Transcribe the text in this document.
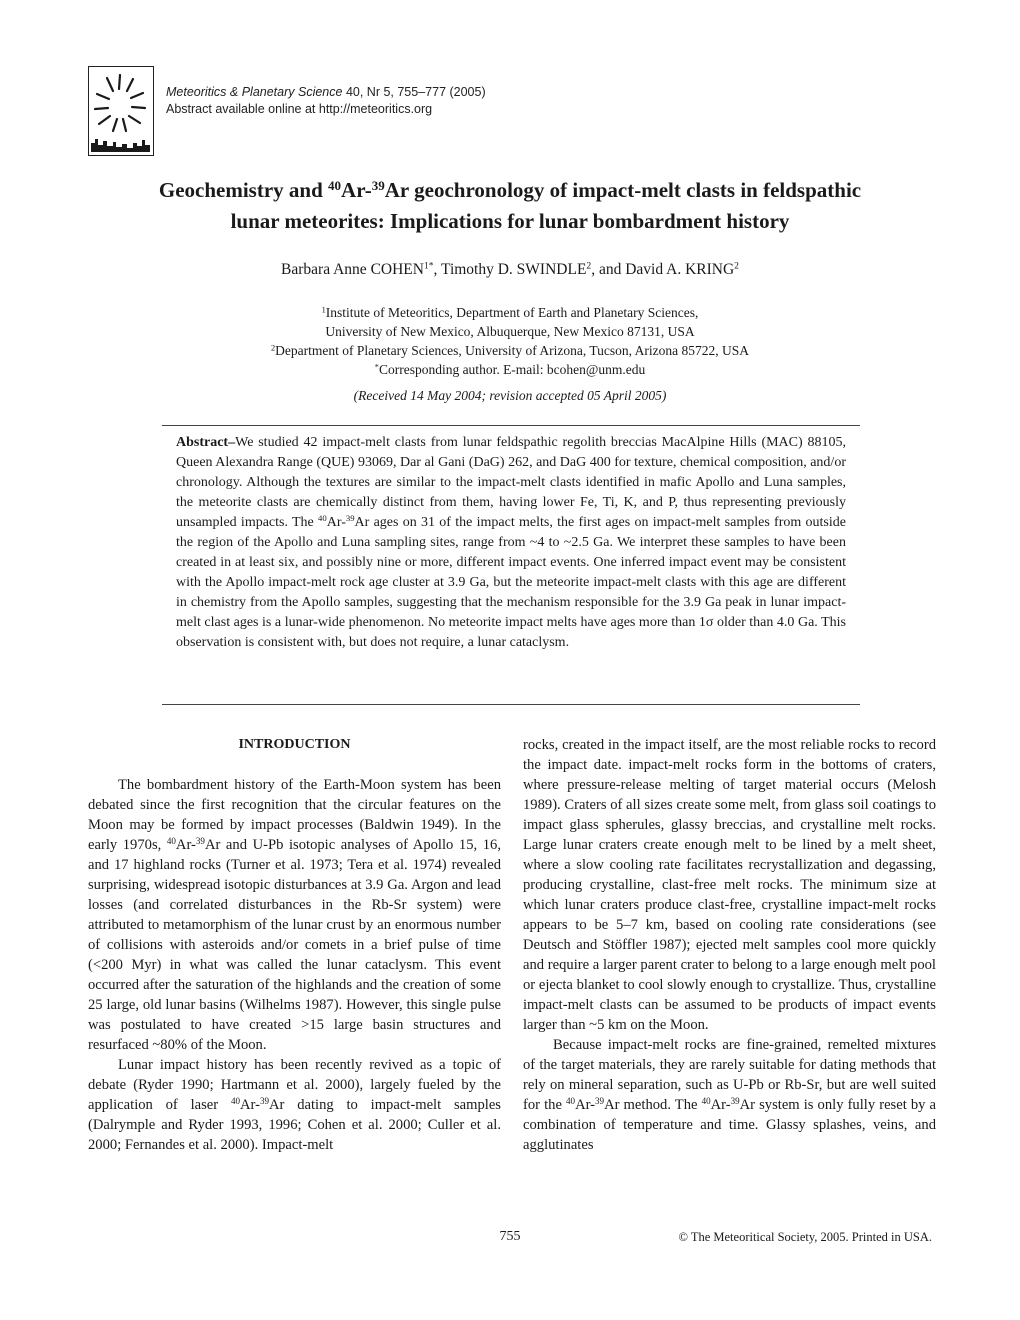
Meteoritics & Planetary Science 40, Nr 5, 755–777 (2005)
Abstract available online at http://meteoritics.org
Geochemistry and $^{40}$Ar-$^{39}$Ar geochronology of impact-melt clasts in feldspathic
lunar meteorites: Implications for lunar bombardment history
Barbara Anne $COHEN^{1*}$, Timothy D. SWINDLE$^2$, and David A. KRING$^2$
$^1$Institute of Meteoritics, Department of Earth and Planetary Sciences,
University of New Mexico, Albuquerque, New Mexico 87131, USA
$^2$Department of Planetary Sciences, University of Arizona, Tucson, Arizona 85722, USA
*Corresponding author. E-mail: bcohen@unm.edu
(Received 14 May 2004; revision accepted 05 April 2005)
Abstract–We studied 42 impact-melt clasts from lunar feldspathic regolith breccias MacAlpine Hills (MAC) 88105, Queen Alexandra Range (QUE) 93069, Dar al Gani (DaG) 262, and DaG 400 for texture, chemical composition, and/or chronology. Although the textures are similar to the impact-melt clasts identified in mafic Apollo and Luna samples, the meteorite clasts are chemically distinct from them, having lower Fe, Ti, K, and P, thus representing previously unsampled impacts. The $^{40}$Ar-$^{39}$Ar ages on 31 of the impact melts, the first ages on impact-melt samples from outside the region of the Apollo and Luna sampling sites, range from ~4 to ~2.5 Ga. We interpret these samples to have been created in at least six, and possibly nine or more, different impact events. One inferred impact event may be consistent with the Apollo impact-melt rock age cluster at 3.9 Ga, but the meteorite impact-melt clasts with this age are different in chemistry from the Apollo samples, suggesting that the mechanism responsible for the 3.9 Ga peak in lunar impact-melt clast ages is a lunar-wide phenomenon. No meteorite impact melts have ages more than 1σ older than 4.0 Ga. This observation is consistent with, but does not require, a lunar cataclysm.
INTRODUCTION

The bombardment history of the Earth-Moon system has been debated since the first recognition that the circular features on the Moon may be formed by impact processes (Baldwin 1949). In the early 1970s, $^{40}$Ar-$^{39}$Ar and U-Pb isotopic analyses of Apollo 15, 16, and 17 highland rocks (Turner et al. 1973; Tera et al. 1974) revealed surprising, widespread isotopic disturbances at 3.9 Ga. Argon and lead losses (and correlated disturbances in the Rb-Sr system) were attributed to metamorphism of the lunar crust by an enormous number of collisions with asteroids and/or comets in a brief pulse of time (<200 Myr) in what was called the lunar cataclysm. This event occurred after the saturation of the highlands and the creation of some 25 large, old lunar basins (Wilhelms 1987). However, this single pulse was postulated to have created >15 large basin structures and resurfaced ~80% of the Moon.

Lunar impact history has been recently revived as a topic of debate (Ryder 1990; Hartmann et al. 2000), largely fueled by the application of laser $^{40}$Ar-$^{39}$Ar dating to impact-melt samples (Dalrymple and Ryder 1993, 1996; Cohen et al. 2000; Culler et al. 2000; Fernandes et al. 2000). Impact-melt

rocks, created in the impact itself, are the most reliable rocks to record the impact date. impact-melt rocks form in the bottoms of craters, where pressure-release melting of target material occurs (Melosh 1989). Craters of all sizes create some melt, from glass soil coatings to impact glass spherules, glassy breccias, and crystalline melt rocks. Large lunar craters create enough melt to be lined by a melt sheet, where a slow cooling rate facilitates recrystallization and degassing, producing crystalline, clast-free melt rocks. The minimum size at which lunar craters produce clast-free, crystalline impact-melt rocks appears to be 5–7 km, based on cooling rate considerations (see Deutsch and Stöffler 1987); ejected melt samples cool more quickly and require a larger parent crater to belong to a large enough melt pool or ejecta blanket to cool slowly enough to crystallize. Thus, crystalline impact-melt clasts can be assumed to be products of impact events larger than ~5 km on the Moon.

Because impact-melt rocks are fine-grained, remelted mixtures of the target materials, they are rarely suitable for dating methods that rely on mineral separation, such as U-Pb or Rb-Sr, but are well suited for the $^{40}$Ar-$^{39}$Ar method. The $^{40}$Ar-$^{39}$Ar system is only fully reset by a combination of temperature and time. Glassy splashes, veins, and agglutinates

755	© The Meteoritical Society, 2005. Printed in USA.
